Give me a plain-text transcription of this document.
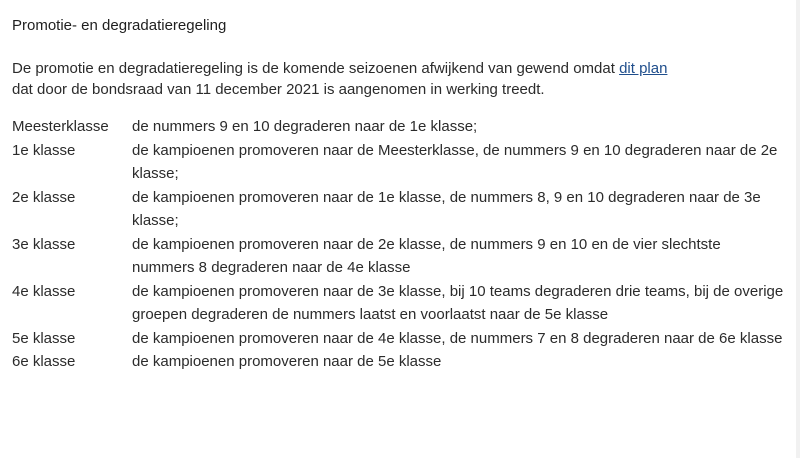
Promotie- en degradatieregeling

De promotie en degradatieregeling is de komende seizoenen afwijkend van gewend omdat dit plan dat door de bondsraad van 11 december 2021 is aangenomen in werking treedt.

Meesterklasse	de nummers 9 en 10 degraderen naar de 1e klasse;
1e klasse	de kampioenen promoveren naar de Meesterklasse, de nummers 9 en 10 degraderen naar de 2e klasse;
2e klasse	de kampioenen promoveren naar de 1e klasse, de nummers 8, 9 en 10 degraderen naar de 3e klasse;
3e klasse	de kampioenen promoveren naar de 2e klasse, de nummers 9 en 10 en de vier slechtste nummers 8 degraderen naar de 4e klasse
4e klasse	de kampioenen promoveren naar de 3e klasse, bij 10 teams degraderen drie teams, bij de overige groepen degraderen de nummers laatst en voorlaatst naar de 5e klasse
5e klasse	de kampioenen promoveren naar de 4e klasse, de nummers 7 en 8 degraderen naar de 6e klasse
6e klasse	de kampioenen promoveren naar de 5e klasse
